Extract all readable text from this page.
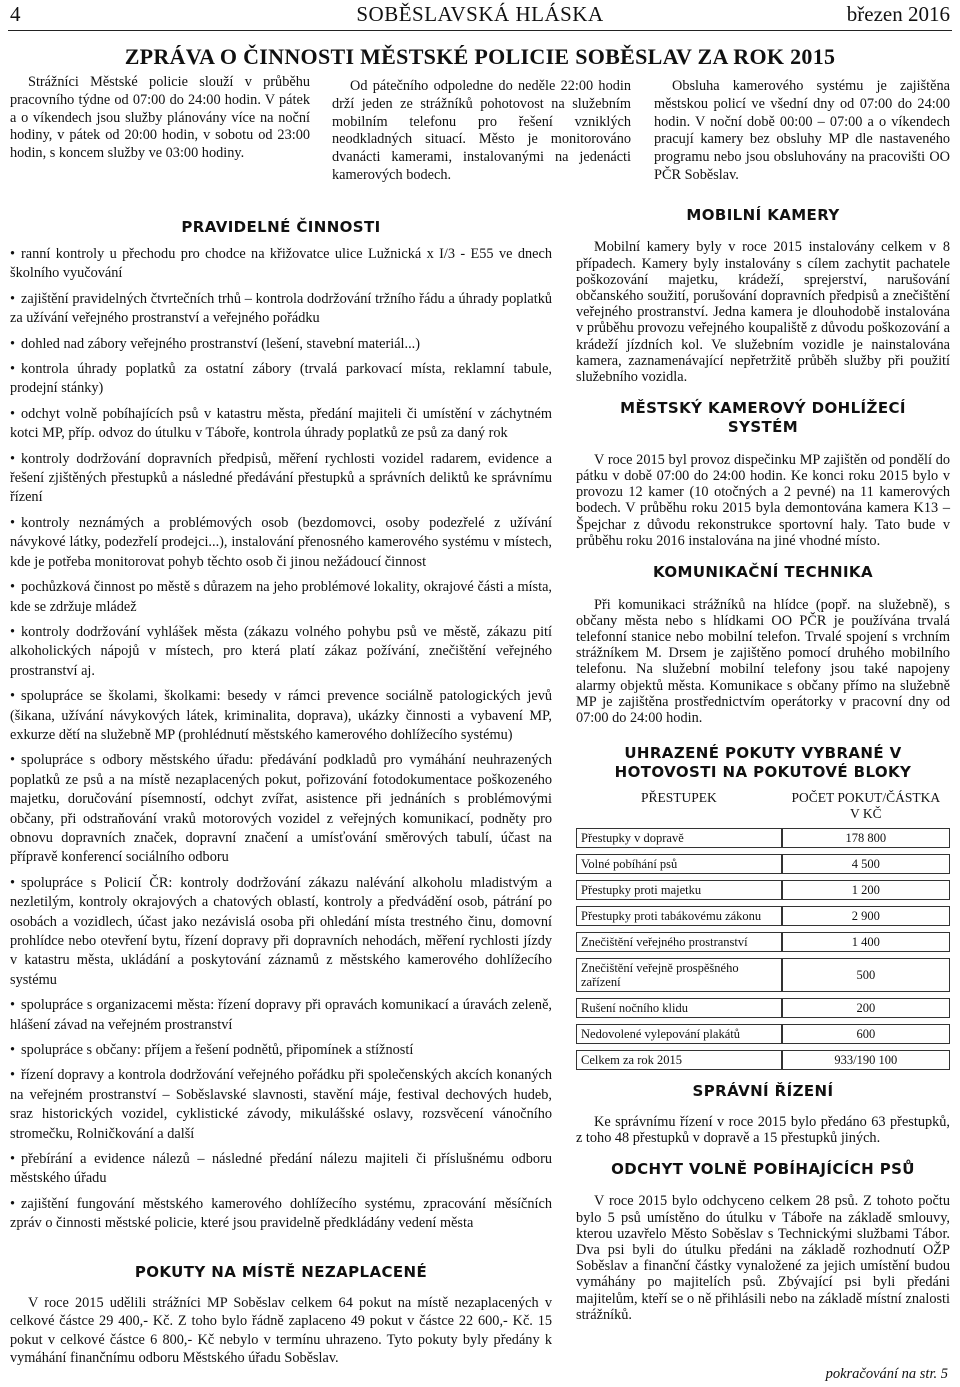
4	SOBĚSLAVSKÁ HLÁSKA	březen 2016
ZPRÁVA O ČINNOSTI MĚSTSKÉ POLICIE SOBĚSLAV ZA ROK 2015

Strážníci Městské policie slouží v průběhu pracovního týdne od 07:00 do 24:00 hodin. V pátek a o víkendech jsou služby plánovány více na noční hodiny, v pátek od 20:00 hodin, v sobotu od 23:00 hodin, s koncem služby ve 03:00 hodiny.

Od pátečního odpoledne do neděle 22:00 hodin drží jeden ze strážníků pohotovost na služebním mobilním telefonu pro řešení vzniklých neodkladných situací. Město je monitorováno dvanácti kamerami, instalovanými na jedenácti kamerových bodech.

Obsluha kamerového systému je zajištěna městskou policí ve všední dny od 07:00 do 24:00 hodin. V noční době 00:00 – 07:00 a o víkendech pracují kamery bez obsluhy MP dle nastaveného programu nebo jsou obsluhovány na pracovišti OO PČR Soběslav.

PRAVIDELNÉ ČINNOSTI
• ranní kontroly u přechodu pro chodce na křižovatce ulice Lužnická x I/3 - E55 ve dnech školního vyučování
• zajištění pravidelných čtvrtečních trhů – kontrola dodržování tržního řádu a úhrady poplatků za užívání veřejného prostranství a veřejného pořádku
• dohled nad zábory veřejného prostranství (lešení, stavební materiál...)
• kontrola úhrady poplatků za ostatní zábory (trvalá parkovací místa, reklamní tabule, prodejní stánky)
• odchyt volně pobíhajících psů v katastru města, předání majiteli či umístění v záchytném kotci MP, příp. odvoz do útulku v Táboře, kontrola úhrady poplatků ze psů za daný rok
• kontroly dodržování dopravních předpisů, měření rychlosti vozidel radarem, evidence a řešení zjištěných přestupků a následné předávání přestupků a správních deliktů ke správnímu řízení
• kontroly neznámých a problémových osob (bezdomovci, osoby podezřelé z užívání návykové látky, podezřelí prodejci...), instalování přenosného kamerového systému v místech, kde je potřeba monitorovat pohyb těchto osob či jinou nežádoucí činnost
• pochůzková činnost po městě s důrazem na jeho problémové lokality, okrajové části a místa, kde se zdržuje mládež
• kontroly dodržování vyhlášek města (zákazu volného pohybu psů ve městě, zákazu pití alkoholických nápojů v místech, pro která platí zákaz požívání, znečištění veřejného prostranství aj.
• spolupráce se školami, školkami: besedy v rámci prevence sociálně patologických jevů (šikana, užívání návykových látek, kriminalita, doprava), ukázky činnosti a vybavení MP, exkurze dětí na služebně MP (prohlédnutí městského kamerového dohlížecího systému)
• spolupráce s odbory městského úřadu: předávání podkladů pro vymáhání neuhrazených poplatků ze psů a na místě nezaplacených pokut, pořizování fotodokumentace poškozeného majetku, doručování písemností, odchyt zvířat, asistence při jednáních s problémovými občany, při odstraňování vraků motorových vozidel z veřejných komunikací, podněty pro obnovu dopravních značek, dopravní značení a umísťování směrových tabulí, účast na přípravě konferencí sociálního odboru
• spolupráce s Policií ČR: kontroly dodržování zákazu nalévání alkoholu mladistvým a nezletilým, kontroly okrajových a chatových oblastí, kontroly a předvádění osob, pátrání po osobách a vozidlech, účast jako nezávislá osoba při ohledání místa trestného činu, domovní prohlídce nebo otevření bytu, řízení dopravy při dopravních nehodách, měření rychlosti jízdy v katastru města, ukládání a poskytování záznamů z městského kamerového dohlížecího systému
• spolupráce s organizacemi města: řízení dopravy při opravách komunikací a úravách zeleně, hlášení závad na veřejném prostranství
• spolupráce s občany: příjem a řešení podnětů, připomínek a stížností
• řízení dopravy a kontrola dodržování veřejného pořádku při společenských akcích konaných na veřejném prostranství – Soběslavské slavnosti, stavění máje, festival dechových hudeb, sraz historických vozidel, cyklistické závody, mikulášské oslavy, rozsvěcení vánočního stromečku, Rolničkování a další
• přebírání a evidence nálezů – následné předání nálezu majiteli či příslušnému odboru městského úřadu
• zajištění fungování městského kamerového dohlížecího systému, zpracování měsíčních zpráv o činnosti městské policie, které jsou pravidelně předkládány vedení města
POKUTY NA MÍSTĚ NEZAPLACENÉ

V roce 2015 udělili strážníci MP Soběslav celkem 64 pokut na místě nezaplacených v celkové částce 29 400,- Kč. Z toho bylo řádně zaplaceno 49 pokut v částce 22 600,- Kč. 15 pokut v celkové částce 6 800,- Kč nebylo v termínu uhrazeno. Tyto pokuty byly předány k vymáhání finančnímu odboru Městského úřadu Soběslav.

MOBILNÍ KAMERY

Mobilní kamery byly v roce 2015 instalovány celkem v 8 případech. Kamery byly instalovány s cílem zachytit pachatele poškozování majetku, krádeží, sprejerství, narušování občanského soužití, porušování dopravních předpisů a znečištění veřejného prostranství. Jedna kamera je dlouhodobě instalována v průběhu provozu veřejného koupaliště z důvodu poškozování a krádeží jízdních kol. Ve služebním vozidle je nainstalována kamera, zaznamenávající nepřetržitě průběh služby při použití služebního vozidla.

MĚSTSKÝ KAMEROVÝ DOHLÍŽECÍ SYSTÉM

V roce 2015 byl provoz dispečinku MP zajištěn od pondělí do pátku v době 07:00 do 24:00 hodin. Ke konci roku 2015 bylo v provozu 12 kamer (10 otočných a 2 pevné) na 11 kamerových bodech. V průběhu roku 2015 byla demontována kamera K13 – Špejchar z důvodu rekonstrukce sportovní haly. Tato bude v průběhu roku 2016 instalována na jiné vhodné místo.

KOMUNIKAČNÍ TECHNIKA

Při komunikaci strážníků na hlídce (popř. na služebně), s občany města nebo s hlídkami OO PČR je používána trvalá telefonní stanice nebo mobilní telefon. Trvalé spojení s vrchním strážníkem M. Drsem je zajištěno pomocí druhého mobilního telefonu. Na služební mobilní telefony jsou také napojeny alarmy objektů města. Komunikace s občany přímo na služebně MP je zajištěna prostřednictvím operátorky v pracovní dny od 07:00 do 24:00 hodin.

UHRAZENÉ POKUTY VYBRANÉ V HOTOVOSTI NA POKUTOVÉ BLOKY
PŘESTUPEK	POČET POKUT/ČÁSTKA V KČ
Přestupky v dopravě	178 800
Volné pobíhání psů	4 500
Přestupky proti majetku	1 200
Přestupky proti tabákovému zákonu	2 900
Znečištění veřejného prostranství	1 400
Znečištění veřejně prospěšného zařízení	500
Rušení nočního klidu	200
Nedovolené vylepování plakátů	600
Celkem za rok 2015	933/190 100
SPRÁVNÍ ŘÍZENÍ

Ke správnímu řízení v roce 2015 bylo předáno 63 přestupků, z toho 48 přestupků v dopravě a 15 přestupků jiných.

ODCHYT VOLNĚ POBÍHAJÍCÍCH PSŮ

V roce 2015 bylo odchyceno celkem 28 psů. Z tohoto počtu bylo 5 psů umístěno do útulku v Táboře na základě smlouvy, kterou uzavřelo Město Soběslav s Technickými službami Tábor. Dva psi byli do útulku předáni na základě rozhodnutí OŽP Soběslav a finanční částky vynaložené za jejich umístění budou vymáhány po majitelích psů. Zbývající psi byli předáni majitelům, kteří se o ně přihlásili nebo na základě místní znalosti strážníků.

pokračování na str. 5
